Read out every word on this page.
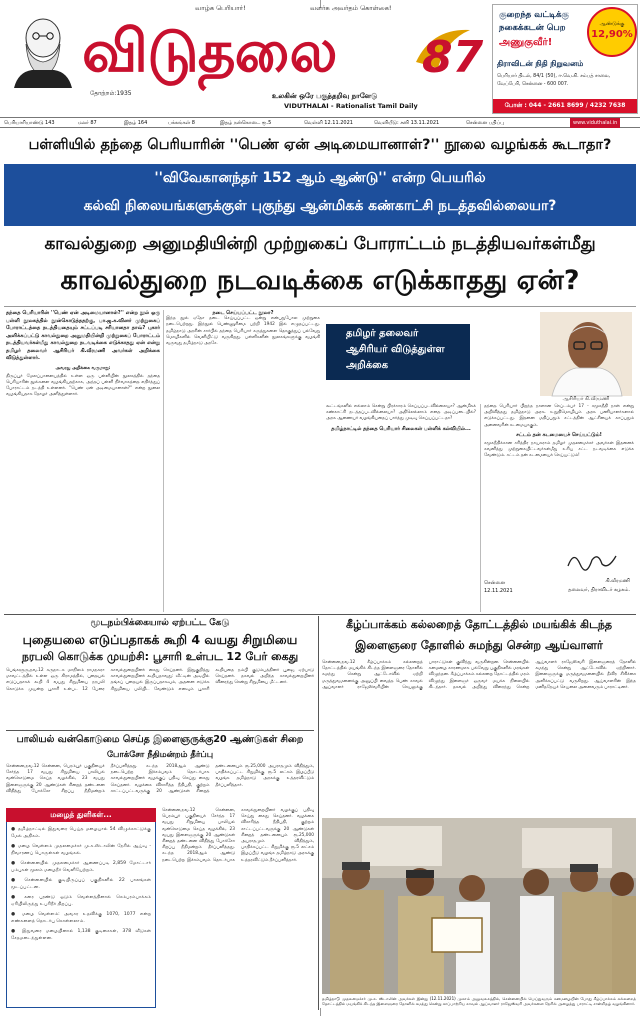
வாழ்க பெரியார்!	வளர்க அவர்தம் கொள்கை!
தோற்றம்:1935
விடுதலை	87
உலகின் ஒரே பகுத்தறிவு நாளேடு
VIDUTHALAI - Rationalist Tamil Daily
குறைந்த வட்டிக்கு
நகைக்கடன் பெற
அணுகுவீர்!
ஆண்டுக்கு
12,90%
திராவிடன் நிதி நிறுவனம்
பெரியார் திடல், 84/1 (50), ஈ.வெ.கி. சம்பத் சாலை,
வேப்பேரி, சென்னை - 600 007.
போன் : 044 - 2661 8699 / 4232 7638
பெரியாரியாண்டு 143	மலர் 87	இதழ் 164	பக்கங்கள் 8	இதழ் நன்கொடை ரூ.5	வெள்ளி 12.11.2021	வெளியீடு: சனி 13.11.2021	சென்னை பதிப்பு	www.viduthalai.in
பள்ளியில் தந்தை பெரியாரின் ''பெண் ஏன் அடிமையானாள்?'' நூலை வழங்கக் கூடாதா?
''விவேகானந்தர் 152 ஆம் ஆண்டு'' என்ற பெயரில்
கல்வி நிலையங்களுக்குள் புகுந்து ஆன்மிகக் கண்காட்சி நடத்தவில்லையா?
காவல்துறை அனுமதியின்றி முற்றுகைப் போராட்டம் நடத்தியவர்கள்மீது
காவல்துறை நடவடிக்கை எடுக்காதது ஏன்?
தந்தை பெரியாரின் ''பெண் ஏன் அடிமையானாள்?'' என்ற நூல் ஒரு பள்ளி நூலகத்தில் நூன்கொடுத்ததற்கு, பா.ஜ.க.வினர் முற்றுகைப் போராட்டத்தை நடத்தியதையும் சட்டப்படி சரியானதா தாவ்? புகார் அளிக்கப்பட்டு காவல்துறை அனுமதியின்றி முற்றுகைப் போராட்டம் நடத்தியவர்கள்மீது காவல்துறை நடவடிக்கை எடுக்காதது ஏன் என்று தமிழர் தலைவர் ஆசிரியர் கி.வீரமணி அவர்கள் அறிக்கை விடுத்துள்ளார்.
அவரது அறிக்கை வருமாறு:
திருப்பூர் மேலப்பாளையத்தில் உள்ள ஒரு பள்ளியின் நூலகத்தில் தந்தை பெரியாரின் நூல்களை வழங்கியதற்காக, அந்தப் பள்ளி நிர்வாகத்தை எதிர்த்துப் போராட்டம் நடத்தி உள்ளனர். ''பெண் ஏன் அடிமையானாள்?'' என்ற நூலை வழங்கியதாக தோழர் அளித்துள்ளார்.
நடை செய்யப்பட்ட நூலா?
இந்த நூல் ஏதோ தடை செய்யப்பட்ட ஒன்று என்பதுபோல முற்றுகை நடைபெற்றது. இந்நூல் பெண்ணுரிமை பற்றி 1942 இல் எழுதப்பட்டது. தமிழ்நாடு அரசின் சார்பில் தந்தை பெரியார் கருத்துகளை தொகுத்துப் பல்வேறு மொழிகளில் வெளியிட்டு வருகிறது. பள்ளிகளின் நூலகங்களுக்கு வழங்கி வருவது தமிழ்நாடு அரசே.
தமிழர் தலைவர்
ஆசிரியர் விடுத்துள்ள
அறிக்கை
ஆசிரியர் கி.வீரமணி
கூட்டங்களில் எல்லாம் சென்று பிரச்சாரம் செய்யப்படவில்லையா? ஆன்மிகக் கண்காட்சி நடத்தப்படவில்லையா? அதிலெல்லாம் எதை அடிப்படையில்? அரசு ஆணையர் வழங்கியதைப் பார்த்து முடிவு செய்யப்பட்டதா?
தமிழ்நாட்டில் தந்தை பெரியார் சிலைகள் பள்ளிக் கல்வியில்...
தந்தை பெரியார் பிறந்த நாளான செப்டம்பர் 17 - சமூகநீதி நாள் என்று அறிவித்தது தமிழ்நாடு அரசு. உறுதிமொழியும் அரசு பணியாளர்களால் எடுக்கப்பட்டது. இதனை மதிப்பதும் சட்டத்தின் ஆட்சியைக் காப்பதும் அனைவரின் கடமையாகும்.
சட்டம் தன் கடமையைச் செய்யட்டும்!
சமூகநீதிக்கான சரித்திர நாயகராம் தமிழர் முதலமைச்சர் அவர்கள் இதனைக் கவனித்து முற்றுகையிட்டவர்கள்மீது உரிய சட்ட நடவடிக்கை எடுக்க வேண்டும். சட்டம் தன் கடமையைச் செய்யட்டும்!
கி.வீரமணி
தலைவர், திராவிடர் கழகம்.
சென்னை
12.11.2021
மூடநம்பிக்கையால் ஏற்பட்ட கேடு
புதையலை எடுப்பதாகக் கூறி 4 வயது சிறுமியை
நரபலி கொடுக்க முயற்சி: பூசாரி உள்பட 12 பேர் கைது
பெங்களூரு,நவ.12 கருநாடக மாநிலம் ராமநகரா மாவட்டத்தில் உள்ள ஒரு கிராமத்தில், புதையல் எடுப்பதாகக் கூறி 4 வயது சிறுமியை நரபலி கொடுக்க முயன்ற பூசாரி உள்பட 12 பேரை காவல்துறையினர் கைது செய்தனர். இதுகுறித்து காவல்துறையினர் கூறியதாவது: வீட்டின் அடியில் தங்கப் புதையல் இருப்பதாகவும், அதனை எடுக்க சிறுமியை பலியிட வேண்டும் எனவும் பூசாரி கூறியதை நம்பி குடும்பத்தினர் பூஜை ஏற்பாடு செய்தனர். தகவல் அறிந்த காவல்துறையினர் விரைந்து சென்று சிறுமியை மீட்டனர்.
பாலியல் வன்கொடுமை செய்த இளைஞருக்கு20 ஆண்டுகள் சிறை
போக்சோ நீதிமன்றம் தீர்ப்பு
சென்னை,நவ.12 சென்னை, பெரம்பூர் பகுதியைச் சேர்ந்த 17 வயது சிறுமியை பாலியல் வன்கொடுமை செய்த வழக்கில், 23 வயது இளைஞருக்கு 20 ஆண்டுகள் சிறைத் தண்டனை விதித்து போக்சோ சிறப்பு நீதிமன்றம் தீர்ப்பளித்தது. கடந்த 2018ஆம் ஆண்டு நடைபெற்ற இச்சம்பவம் தொடர்பாக காவல்துறையினர் வழக்குப் பதிவு செய்து கைது செய்தனர். வழக்கை விசாரித்த நீதிபதி, குற்றம் சாட்டப்பட்டவருக்கு 20 ஆண்டுகள் சிறைத் தண்டனையும் ரூ.25,000 அபராதமும் விதித்தும், பாதிக்கப்பட்ட சிறுமிக்கு ரூ.5 லட்சம் இழப்பீடு வழங்க தமிழ்நாடு அரசுக்கு உத்தரவிட்டும் தீர்ப்பளித்தார்.
மழைத் துளிகள்...
● தமிழ்நாட்டில் இதுவரை பெய்த மழையால் 54 விழுக்காட்டுக்கு மேல் அதிகம்.
● மழை வெள்ளம் முதலமைச்சர் மு.க.ஸ்டாலின் நேரில் ஆய்வு - நிவாரணப் பொருள்கள் வழங்கல்.
● சென்னையில் முதலமைச்சர் ஆணைப்படி 2,859 மோட்டார் பம்புகள் மூலம் மழைநீர் வெளியேற்றம்.
● சென்னையில் குடியிருப்புப் பகுதிகளில் 22 பாலங்கள் மூடப்பட்டன.
● கரை புரண்டு ஓடும் வெள்ளத்தினால் செம்பரம்பாக்கம் ஏரியிலிருந்து உபரிநீர் திறப்பு.
● மழை வெள்ளம்: அவசர உதவிக்கு 1070, 1077 என்ற எண்களைத் தொடர்பு கொள்ளலாம்.
● இதுவரை மழையினால் 1,138 குடிசைகள், 378 வீடுகள் சேதமடைந்துள்ளன.
சென்னை,நவ.12 சென்னை, பெரம்பூர் பகுதியைச் சேர்ந்த 17 வயது சிறுமியை பாலியல் வன்கொடுமை செய்த வழக்கில், 23 வயது இளைஞருக்கு 20 ஆண்டுகள் சிறைத் தண்டனை விதித்து போக்சோ சிறப்பு நீதிமன்றம் தீர்ப்பளித்தது. கடந்த 2018ஆம் ஆண்டு நடைபெற்ற இச்சம்பவம் தொடர்பாக காவல்துறையினர் வழக்குப் பதிவு செய்து கைது செய்தனர். வழக்கை விசாரித்த நீதிபதி, குற்றம் சாட்டப்பட்டவருக்கு 20 ஆண்டுகள் சிறைத் தண்டனையும் ரூ.25,000 அபராதமும் விதித்தும், பாதிக்கப்பட்ட சிறுமிக்கு ரூ.5 லட்சம் இழப்பீடு வழங்க தமிழ்நாடு அரசுக்கு உத்தரவிட்டும் தீர்ப்பளித்தார்.
கீழ்ப்பாக்கம் கல்லறைத் தோட்டத்தில் மயங்கிக் கிடந்த
இளைஞரை தோளில் சுமந்து சென்ற ஆய்வாளர்
சென்னை,நவ.12 கீழ்ப்பாக்கம் கல்லறைத் தோட்டத்தில் மயங்கிக் கிடந்த இளைஞரை தோளில் சுமந்து சென்று ஆட்டோவில் ஏற்றி மருத்துவமனைக்கு அனுப்பி வைத்த பெண் காவல் ஆய்வாளர் ராஜேஸ்வரியின் செயலுக்கு பாராட்டுகள் குவிந்து வருகின்றன. சென்னையில் கனமழை காரணமாக பல்வேறு பகுதிகளில் மரங்கள் விழுந்தன. கீழ்ப்பாக்கம் கல்லறை தோட்டத்தில் மரம் விழுந்து இளைஞர் ஒருவர் மயக்க நிலையில் கிடந்தார். தகவல் அறிந்து விரைந்து சென்ற ஆய்வாளர் ராஜேஸ்வரி இளைஞரைத் தோளில் சுமந்து சென்று ஆட்டோவில் ஏற்றினார். இளைஞருக்கு மருத்துவமனையில் தீவிர சிகிச்சை அளிக்கப்பட்டு வருகிறது. ஆய்வாளரின் இந்த மனிதநேயச் செயலை அனைவரும் பாராட்டினர்.
தமிழ்நாடு முதலமைச்சர் மு.க. ஸ்டாலின் அவர்கள் இன்று (12.11.2021) முகாம் அலுவலகத்தில், சென்னையில் பெய்துவரும் கனமழையின் போது கீழ்ப்பாக்கம் கல்லறைத் தோட்டத்தில் மயங்கிக் கிடந்த இளைஞரை தோளில் சுமந்து சென்று காப்பாற்றிய காவல் ஆய்வாளர் ராஜேஸ்வரி அவர்களை நேரில் அழைத்து பாராட்டி சான்றிதழ் வழங்கினார்.
